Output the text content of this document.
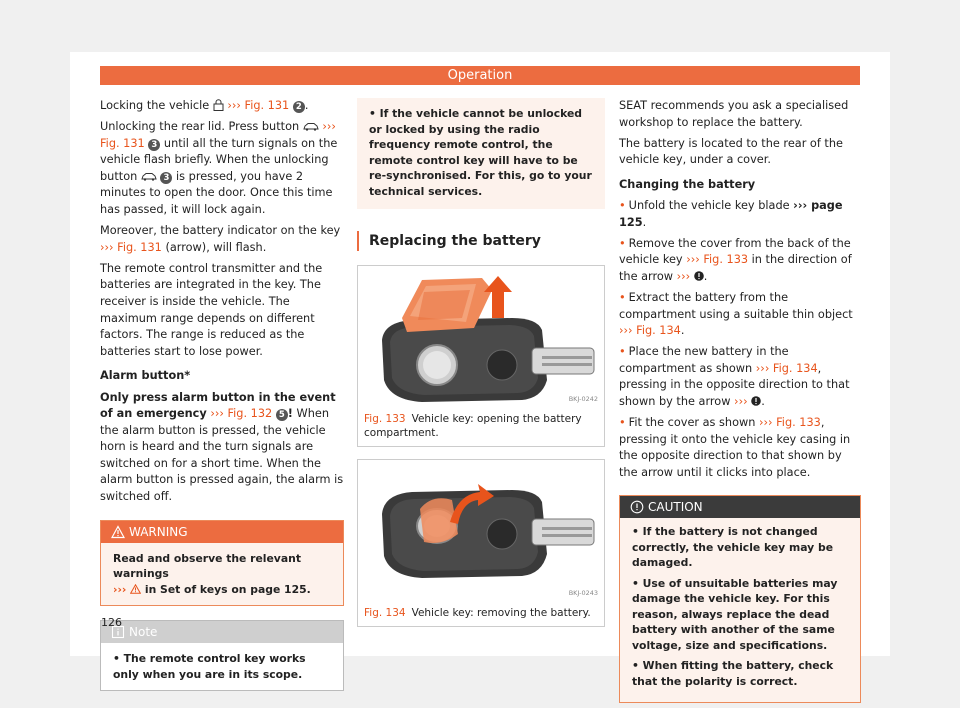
Operation

Locking the vehicle ››› Fig. 131 2 .

Unlocking the rear lid. Press button ››› Fig. 131 3 until all the turn signals on the vehicle flash briefly. When the unlocking button	3 is pressed, you have 2 minutes to open the door. Once this time has passed, it will lock again.

Moreover, the battery indicator on the key ››› Fig. 131 (arrow), will flash.

The remote control transmitter and the batteries are integrated in the key. The receiver is inside the vehicle. The maximum range depends on different factors. The range is reduced as the batteries start to lose power.

Alarm button*

Only press alarm button in the event of an emergency ››› Fig. 132 5 ! When the alarm button is pressed, the vehicle horn is heard and the turn signals are switched on for a short time. When the alarm button is pressed again, the alarm is switched off.

WARNING
Read and observe the relevant warnings
››› in Set of keys on page 125.
Note
• The remote control key works only when you are in its scope.
• If the vehicle cannot be unlocked or locked by using the radio frequency remote control, the remote control key will have to be re-synchronised. For this, go to your technical services.
Replacing the battery
BKJ-0242
Fig. 133 Vehicle key: opening the battery compartment.
BKJ-0243
Fig. 134 Vehicle key: removing the battery.

SEAT recommends you ask a specialised workshop to replace the battery.

The battery is located to the rear of the vehicle key, under a cover.

Changing the battery

• Unfold the vehicle key blade ››› page 125.

• Remove the cover from the back of the vehicle key ››› Fig. 133 in the direction of the arrow ››› .

• Extract the battery from the compartment using a suitable thin object ››› Fig. 134.

• Place the new battery in the compartment as shown ››› Fig. 134, pressing in the opposite direction to that shown by the arrow ››› .

• Fit the cover as shown ››› Fig. 133, pressing it onto the vehicle key casing in the opposite direction to that shown by the arrow until it clicks into place.

CAUTION

• If the battery is not changed correctly, the vehicle key may be damaged.

• Use of unsuitable batteries may damage the vehicle key. For this reason, always replace the dead battery with another of the same voltage, size and specifications.

• When fitting the battery, check that the polarity is correct.

126
